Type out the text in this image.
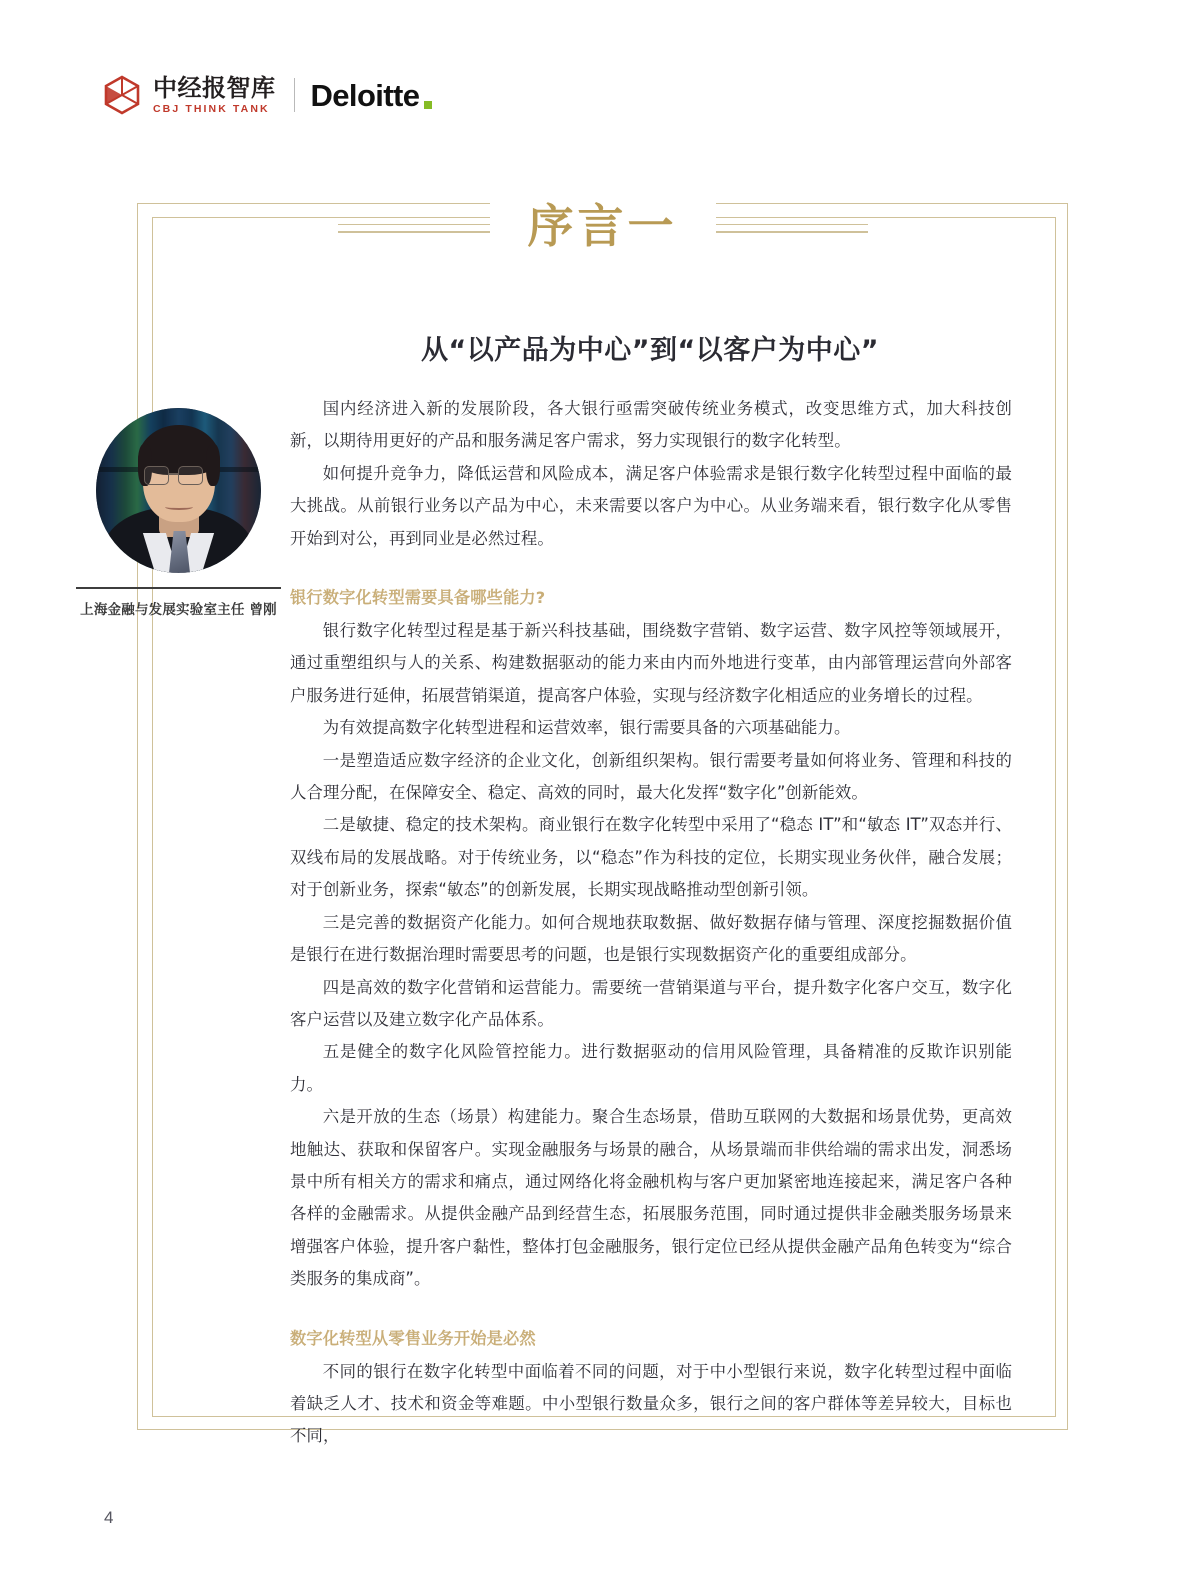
中经报智库
CBJ THINK TANK Deloitte
序言一
从“以产品为中心”到“以客户为中心”
上海金融与发展实验室主任 曾刚

国内经济进入新的发展阶段，各大银行亟需突破传统业务模式，改变思维方式，加大科技创新，以期待用更好的产品和服务满足客户需求，努力实现银行的数字化转型。

如何提升竞争力，降低运营和风险成本，满足客户体验需求是银行数字化转型过程中面临的最大挑战。从前银行业务以产品为中心，未来需要以客户为中心。从业务端来看，银行数字化从零售开始到对公，再到同业是必然过程。

银行数字化转型需要具备哪些能力?

银行数字化转型过程是基于新兴科技基础，围绕数字营销、数字运营、数字风控等领域展开，通过重塑组织与人的关系、构建数据驱动的能力来由内而外地进行变革，由内部管理运营向外部客户服务进行延伸，拓展营销渠道，提高客户体验，实现与经济数字化相适应的业务增长的过程。

为有效提高数字化转型进程和运营效率，银行需要具备的六项基础能力。

一是塑造适应数字经济的企业文化，创新组织架构。银行需要考量如何将业务、管理和科技的人合理分配，在保障安全、稳定、高效的同时，最大化发挥“数字化”创新能效。

二是敏捷、稳定的技术架构。商业银行在数字化转型中采用了“稳态 IT”和“敏态 IT”双态并行、双线布局的发展战略。对于传统业务，以“稳态”作为科技的定位，长期实现业务伙伴，融合发展；对于创新业务，探索“敏态”的创新发展，长期实现战略推动型创新引领。

三是完善的数据资产化能力。如何合规地获取数据、做好数据存储与管理、深度挖掘数据价值是银行在进行数据治理时需要思考的问题，也是银行实现数据资产化的重要组成部分。

四是高效的数字化营销和运营能力。需要统一营销渠道与平台，提升数字化客户交互，数字化客户运营以及建立数字化产品体系。

五是健全的数字化风险管控能力。进行数据驱动的信用风险管理，具备精准的反欺诈识别能力。

六是开放的生态（场景）构建能力。聚合生态场景，借助互联网的大数据和场景优势，更高效地触达、获取和保留客户。实现金融服务与场景的融合，从场景端而非供给端的需求出发，洞悉场景中所有相关方的需求和痛点，通过网络化将金融机构与客户更加紧密地连接起来，满足客户各种各样的金融需求。从提供金融产品到经营生态，拓展服务范围，同时通过提供非金融类服务场景来增强客户体验，提升客户黏性，整体打包金融服务，银行定位已经从提供金融产品角色转变为“综合类服务的集成商”。

数字化转型从零售业务开始是必然

不同的银行在数字化转型中面临着不同的问题，对于中小型银行来说，数字化转型过程中面临着缺乏人才、技术和资金等难题。中小型银行数量众多，银行之间的客户群体等差异较大，目标也不同，

4
